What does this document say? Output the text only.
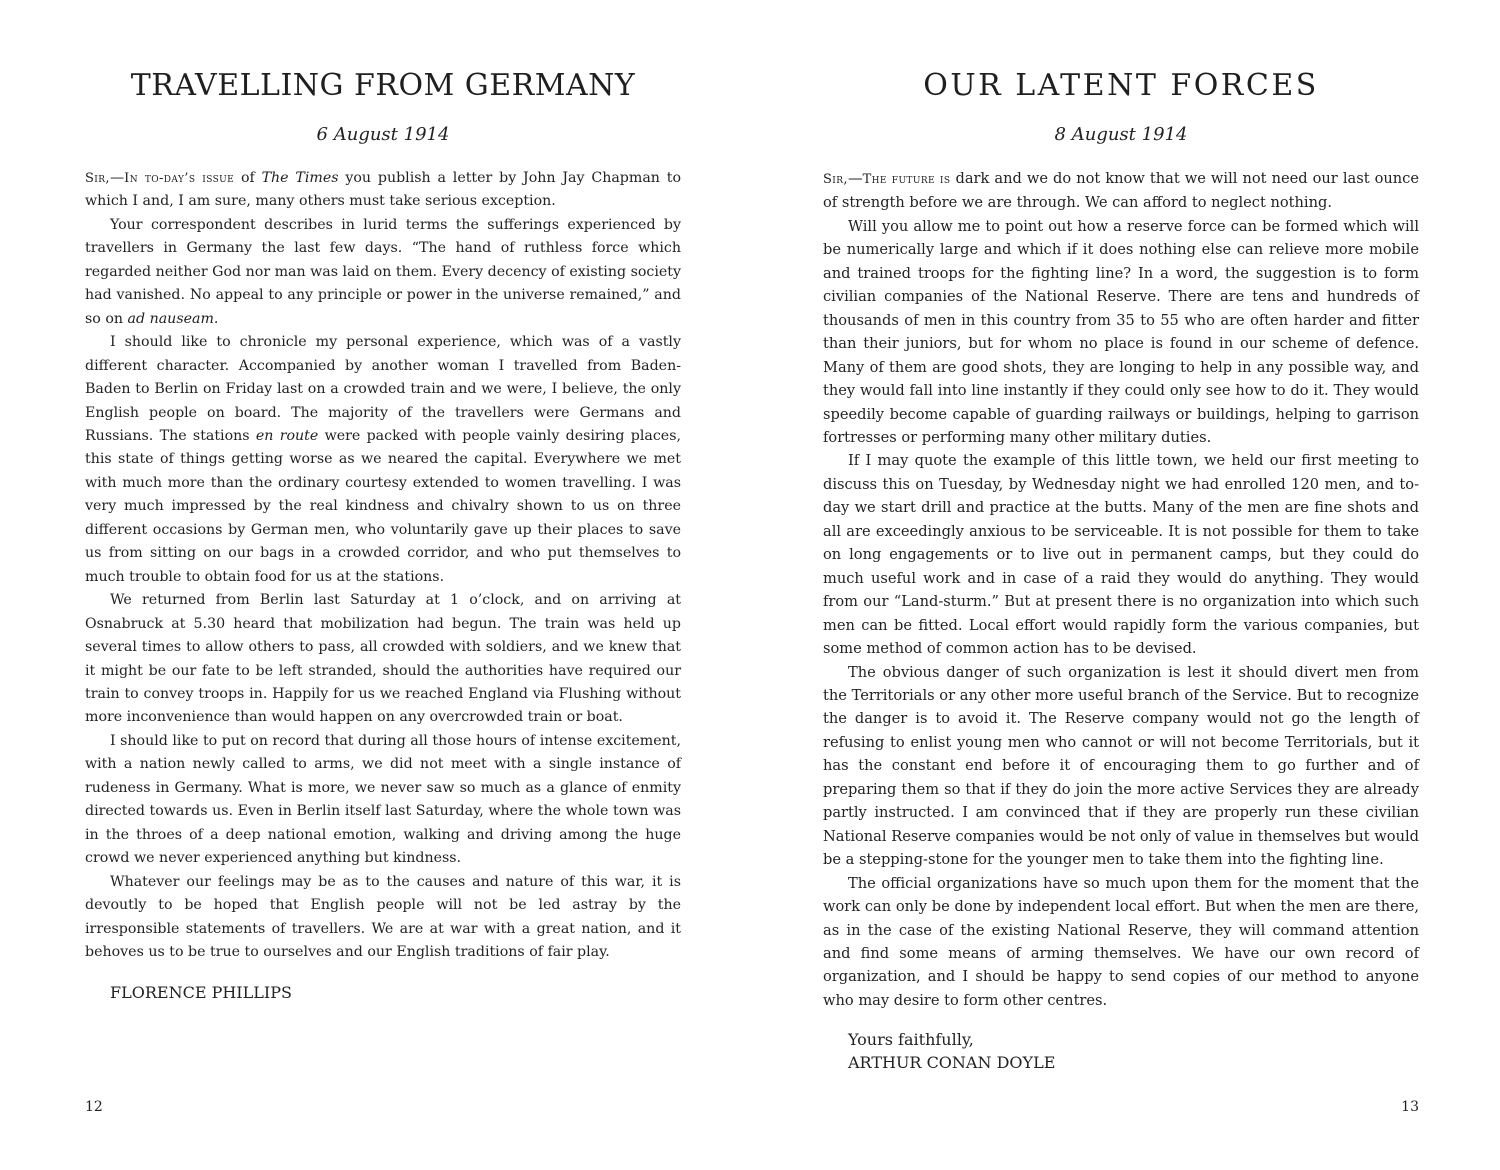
TRAVELLING FROM GERMANY
6 August 1914

Sir,—In to-day’s issue of The Times you publish a letter by John Jay Chapman to which I and, I am sure, many others must take serious exception.

Your correspondent describes in lurid terms the sufferings experienced by travellers in Germany the last few days. “The hand of ruthless force which regarded neither God nor man was laid on them. Every decency of existing society had vanished. No appeal to any principle or power in the universe remained,” and so on ad nauseam.

I should like to chronicle my personal experience, which was of a vastly different character. Accompanied by another woman I travelled from Baden-Baden to Berlin on Friday last on a crowded train and we were, I believe, the only English people on board. The majority of the travellers were Germans and Russians. The stations en route were packed with people vainly desiring places, this state of things getting worse as we neared the capital. Everywhere we met with much more than the ordinary courtesy extended to women travelling. I was very much impressed by the real kindness and chivalry shown to us on three different occasions by German men, who voluntarily gave up their places to save us from sitting on our bags in a crowded corridor, and who put themselves to much trouble to obtain food for us at the stations.

We returned from Berlin last Saturday at 1 o’clock, and on arriving at Osnabruck at 5.30 heard that mobilization had begun. The train was held up several times to allow others to pass, all crowded with soldiers, and we knew that it might be our fate to be left stranded, should the authorities have required our train to convey troops in. Happily for us we reached England via Flushing without more inconvenience than would happen on any overcrowded train or boat.

I should like to put on record that during all those hours of intense excitement, with a nation newly called to arms, we did not meet with a single instance of rudeness in Germany. What is more, we never saw so much as a glance of enmity directed towards us. Even in Berlin itself last Saturday, where the whole town was in the throes of a deep national emotion, walking and driving among the huge crowd we never experienced anything but kindness.

Whatever our feelings may be as to the causes and nature of this war, it is devoutly to be hoped that English people will not be led astray by the irresponsible statements of travellers. We are at war with a great nation, and it behoves us to be true to ourselves and our English traditions of fair play.

FLORENCE PHILLIPS
12
OUR LATENT FORCES
8 August 1914

Sir,—The future is dark and we do not know that we will not need our last ounce of strength before we are through. We can afford to neglect nothing.

Will you allow me to point out how a reserve force can be formed which will be numerically large and which if it does nothing else can relieve more mobile and trained troops for the fighting line? In a word, the suggestion is to form civilian companies of the National Reserve. There are tens and hundreds of thousands of men in this country from 35 to 55 who are often harder and fitter than their juniors, but for whom no place is found in our scheme of defence. Many of them are good shots, they are longing to help in any possible way, and they would fall into line instantly if they could only see how to do it. They would speedily become capable of guarding railways or buildings, helping to garrison fortresses or performing many other military duties.

If I may quote the example of this little town, we held our first meeting to discuss this on Tuesday, by Wednesday night we had enrolled 120 men, and to-day we start drill and practice at the butts. Many of the men are fine shots and all are exceedingly anxious to be serviceable. It is not possible for them to take on long engagements or to live out in permanent camps, but they could do much useful work and in case of a raid they would do anything. They would from our “Land-sturm.” But at present there is no organization into which such men can be fitted. Local effort would rapidly form the various companies, but some method of common action has to be devised.

The obvious danger of such organization is lest it should divert men from the Territorials or any other more useful branch of the Service. But to recognize the danger is to avoid it. The Reserve company would not go the length of refusing to enlist young men who cannot or will not become Territorials, but it has the constant end before it of encouraging them to go further and of preparing them so that if they do join the more active Services they are already partly instructed. I am convinced that if they are properly run these civilian National Reserve companies would be not only of value in themselves but would be a stepping-stone for the younger men to take them into the fighting line.

The official organizations have so much upon them for the moment that the work can only be done by independent local effort. But when the men are there, as in the case of the existing National Reserve, they will command attention and find some means of arming themselves. We have our own record of organization, and I should be happy to send copies of our method to anyone who may desire to form other centres.

Yours faithfully,
ARTHUR CONAN DOYLE
13
